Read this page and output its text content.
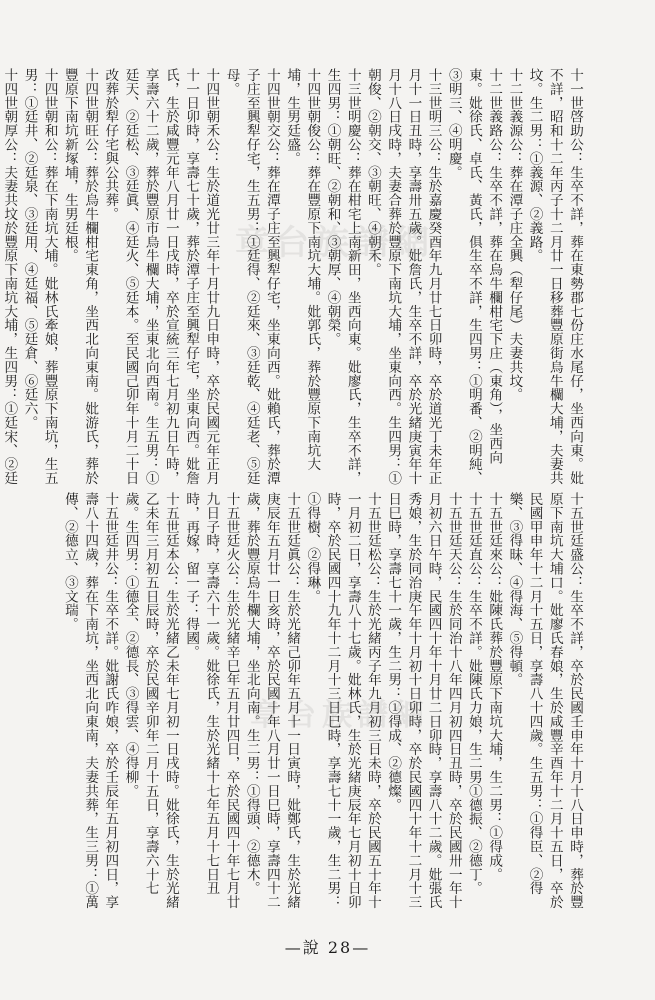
十一世啓助公：生卒不詳，葬在東勢郡七份庄水尾仔，坐西向東。妣不詳，昭和十二年丙子十二月廿一日移葬豐原街烏牛欄大埔，夫妻共坟。生二男：①義源、②義路。
十二世義源公：葬在潭子庄全興（犁仔尾）夫妻共坟。
十二世義路公：生卒不詳，葬在烏牛欄柑宅下庄（東角），坐西向東。妣徐氏、卓氏、黃氏，俱生卒不詳，生四男：①明番、②明純、③明三、④明慶。
十三世明三公：生於嘉慶癸酉年九月廿七日卯時，卒於道光丁未年正月十一日丑時，享壽卅五歲。妣詹氏，生卒不詳，卒於光緒庚寅年十月十八日戌時，夫妻合葬於豐原下南坑大埔，坐東向西。生四男：①朝俊、②朝交、③朝旺、④朝禾。
十三世明慶公：葬在柑宅上南新田，坐西向東。妣廖氏，生卒不詳，生四男：①朝旺、②朝和、③朝厚、④朝榮。
十四世朝俊公：葬在豐原下南坑大埔。妣郭氏，葬於豐原下南坑大埔，生男廷盛。
十四世朝交公：葬在潭子庄至興犁仔宅，坐東向西。妣賴氏，葬於潭子庄至興犁仔宅，生五男：①廷得、②廷來、③廷乾、④廷老、⑤廷母。
十四世朝禾公：生於道光廿三年十月廿九日申時，卒於民國元年正月十一日卯時，享壽七十歲，葬於潭子庄至興犁仔宅，坐東向西。妣詹氏，生於咸豐元年八月廿一日戌時，卒於宣統三年七月初九日午時，享壽六十二歲，葬於豐原市烏牛欄大埔，坐東北向西南。生五男：①廷天、②廷松、③廷眞、④廷火、⑤廷本。至民國己卯年十月二十日改葬於犁仔宅與公共葬。
十四世朝旺公：葬於烏牛欄柑宅東角，坐西北向東南。妣游氏，葬於豐原下南坑新塚埔，生男廷根。
十四世朝和公：葬在下南坑大埔。妣林氏牽娘，葬豐原下南坑，生五男：①廷井、②廷泉、③廷用、④廷福、⑤廷倉、⑥廷六。
十四世朝厚公：夫妻共坟於豐原下南坑大埔，生四男：①廷宋、②廷
十五世廷盛公：生卒不詳，卒於民國壬申年十月十八日申時，葬於豐原下南坑大埔口。妣廖氏春娘，生於咸豐辛酉年十二月十五日，卒於民國甲申年十二月十五日，享壽八十四歲。生五男：①得臣、②得樂、③得昧、④得海、⑤得頓。
十五世廷來公：妣陳氏葬於豐原下南坑大埔，生二男：①得成。
十五世廷直公：生卒不詳。妣陳氏力娘，生二男①德振、②德丁。
十五世廷天公：生於同治十八年四月初四日丑時，卒於民國卅一年十月初六日午時，民國四十年十月廿二日卯時，享壽八十二歲。妣張氏秀娘，生於同治庚午年十月初十日卯時，卒於民國四十年十二月十三日巳時，享壽七十一歲，生二男：①得成、②德燦。
十五世廷松公：生於光緒丙子年九月初三日未時，卒於民國五十年十一月初二日，享壽八十七歲。妣林氏，生於光緒庚辰年七月初十日卯時，卒於民國四十九年十二月十三日巳時，享壽七十一歲，生二男：①得樹、②得琳。
十五世廷眞公：生於光緒己卯年五月十一日寅時，妣鄭氏，生於光緒庚辰年五月廿一日亥時，卒於民國十年八月廿一日巳時，享壽四十二歲，葬於豐原烏牛欄大埔，坐北向南。生二男：①得頭、②德木。
十五世廷火公：生於光緒辛巳年五月廿四日，卒於民國四十年七月廿九日子時，享壽六十一歲。妣徐氏，生於光緒十七年五月十七日丑時，再嫁，留一子：得國。
十五世廷本公：生於光緒乙未年七月初一日戌時。妣徐氏，生於光緒乙未年三月初五日辰時，卒於民國辛卯年二月十五日，享壽六十七歲。生四男：①德全、②德長、③得雲、④得柳。
十五世廷井公：生卒不詳。妣謝氏咋娘，卒於壬辰年五月初四日，享壽八十四歲，葬在下南坑，坐西北向東南，夫妻共葬，生三男：①萬傳、②德立、③文瑞。
章台族譜網
章台族譜網
—說 28—
